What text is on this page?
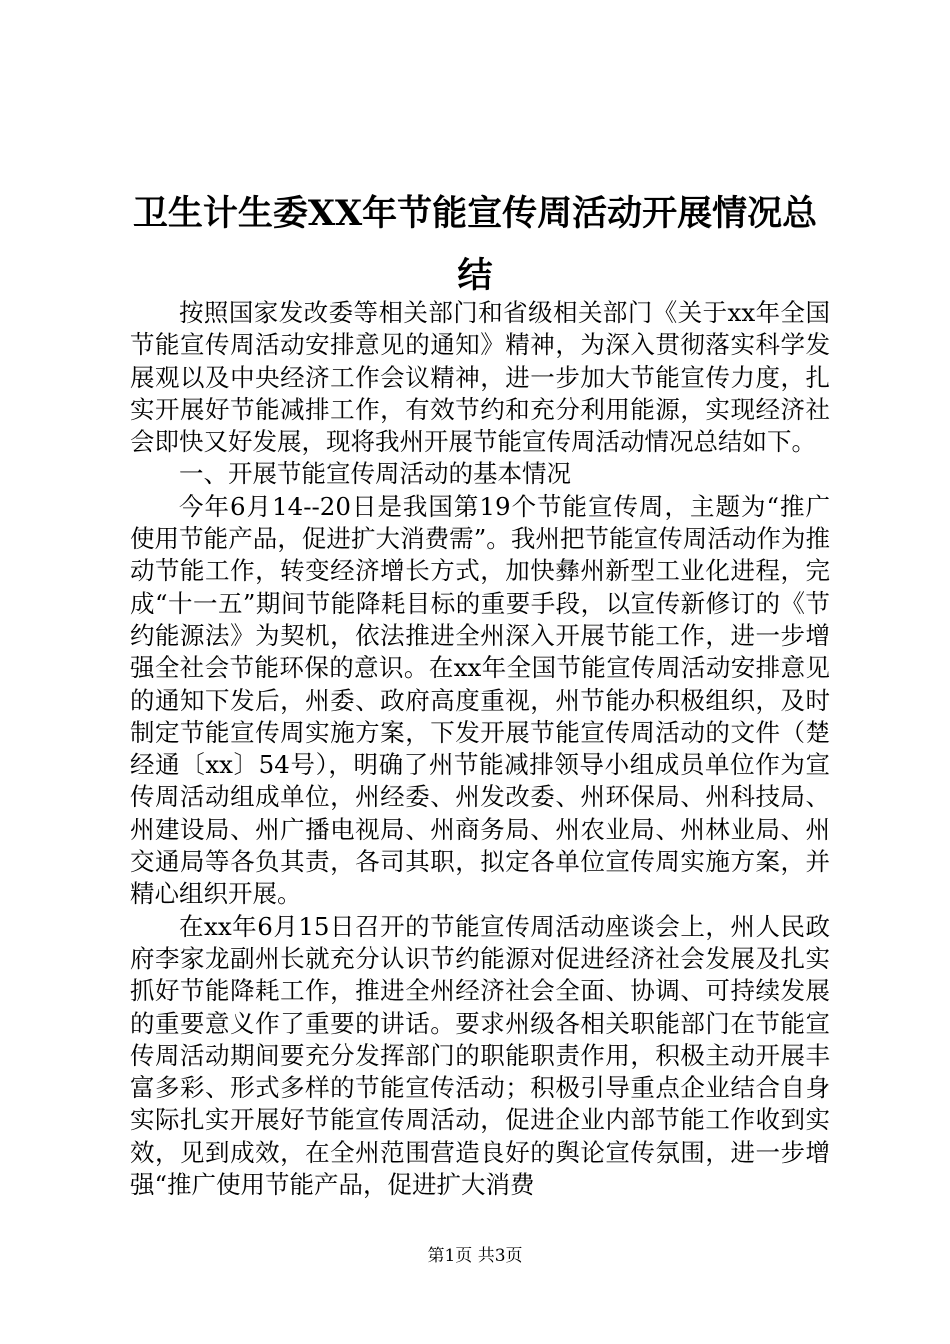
卫生计生委XX年节能宣传周活动开展情况总结

按照国家发改委等相关部门和省级相关部门《关于xx年全国节能宣传周活动安排意见的通知》精神，为深入贯彻落实科学发展观以及中央经济工作会议精神，进一步加大节能宣传力度，扎实开展好节能减排工作，有效节约和充分利用能源，实现经济社会即快又好发展，现将我州开展节能宣传周活动情况总结如下。

一、开展节能宣传周活动的基本情况

今年6月14--20日是我国第19个节能宣传周，主题为“推广使用节能产品，促进扩大消费需”。我州把节能宣传周活动作为推动节能工作，转变经济增长方式，加快彝州新型工业化进程，完成“十一五”期间节能降耗目标的重要手段，以宣传新修订的《节约能源法》为契机，依法推进全州深入开展节能工作，进一步增强全社会节能环保的意识。在xx年全国节能宣传周活动安排意见的通知下发后，州委、政府高度重视，州节能办积极组织，及时制定节能宣传周实施方案，下发开展节能宣传周活动的文件（楚经通〔xx〕54号），明确了州节能减排领导小组成员单位作为宣传周活动组成单位，州经委、州发改委、州环保局、州科技局、州建设局、州广播电视局、州商务局、州农业局、州林业局、州交通局等各负其责，各司其职，拟定各单位宣传周实施方案，并精心组织开展。

在xx年6月15日召开的节能宣传周活动座谈会上，州人民政府李家龙副州长就充分认识节约能源对促进经济社会发展及扎实抓好节能降耗工作，推进全州经济社会全面、协调、可持续发展的重要意义作了重要的讲话。要求州级各相关职能部门在节能宣传周活动期间要充分发挥部门的职能职责作用，积极主动开展丰富多彩、形式多样的节能宣传活动；积极引导重点企业结合自身实际扎实开展好节能宣传周活动，促进企业内部节能工作收到实效，见到成效，在全州范围营造良好的舆论宣传氛围，进一步增强“推广使用节能产品，促进扩大消费

第1页 共3页
